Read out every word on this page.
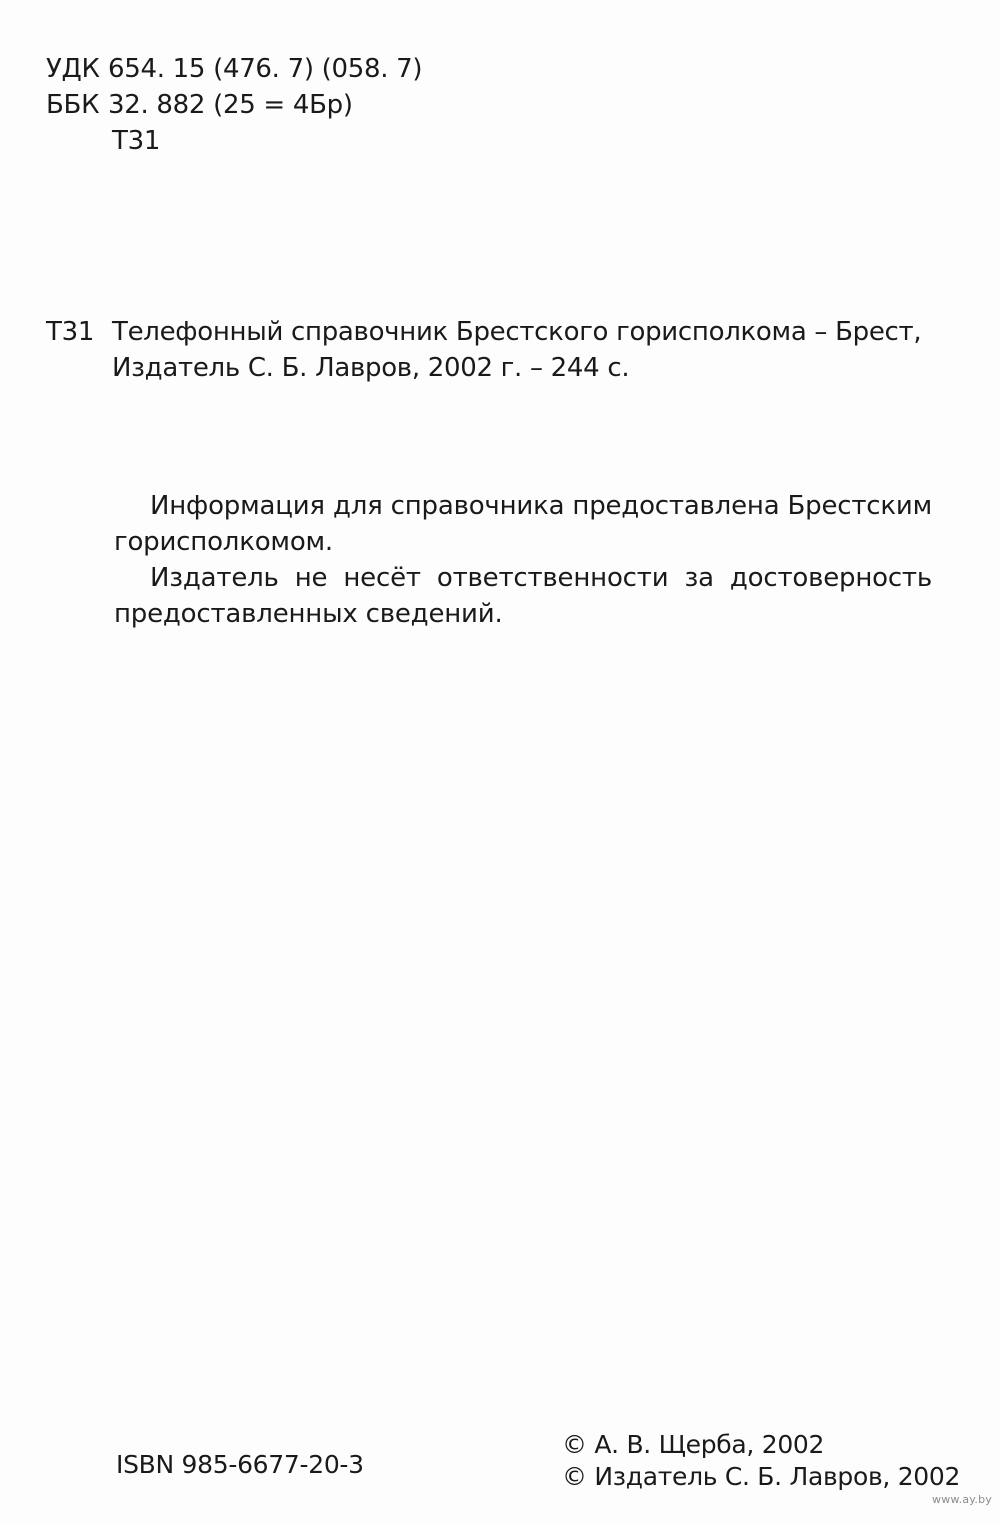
УДК 654. 15 (476. 7) (058. 7)
ББК 32. 882 (25 = 4Бр)
Т31
Т31 Телефонный справочник Брестского горисполкома – Брест,
Издатель С. Б. Лавров, 2002 г. – 244 с.
Информация для справочника предоставлена Брестским горисполкомом.
Издатель не несёт ответственности за достоверность предоставленных сведений.
ISBN 985-6677-20-3
© А. В. Щерба, 2002
© Издатель С. Б. Лавров, 2002
www.ay.by
